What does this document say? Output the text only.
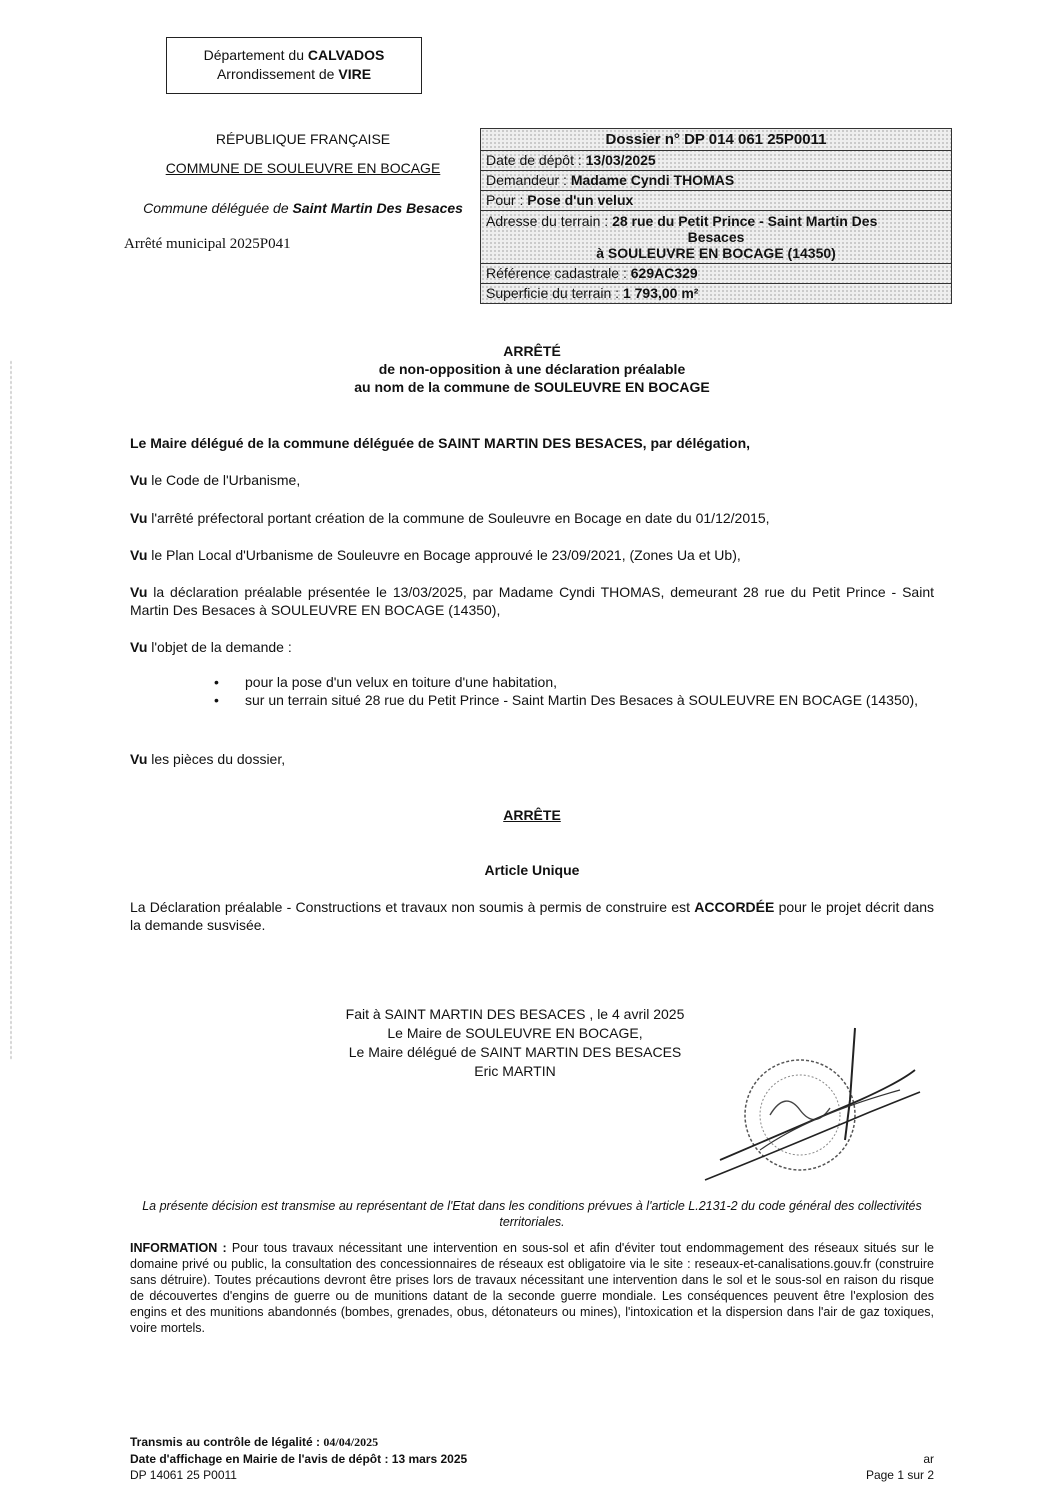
Département du CALVADOS
Arrondissement de VIRE
RÉPUBLIQUE FRANÇAISE
COMMUNE DE SOULEUVRE EN BOCAGE
Commune déléguée de Saint Martin Des Besaces
Arrêté municipal 2025P041
Dossier n° DP 014 061 25P0011
Date de dépôt : 13/03/2025
Demandeur : Madame Cyndi THOMAS
Pour : Pose d'un velux
Adresse du terrain : 28 rue du Petit Prince - Saint Martin Des
Besaces
à SOULEUVRE EN BOCAGE (14350)
Référence cadastrale : 629AC329
Superficie du terrain : 1 793,00 m²
ARRÊTÉ
de non-opposition à une déclaration préalable
au nom de la commune de SOULEUVRE EN BOCAGE
Le Maire délégué de la commune déléguée de SAINT MARTIN DES BESACES, par délégation,
Vu le Code de l'Urbanisme,
Vu l'arrêté préfectoral portant création de la commune de Souleuvre en Bocage en date du 01/12/2015,
Vu le Plan Local d'Urbanisme de Souleuvre en Bocage approuvé le 23/09/2021, (Zones Ua et Ub),
Vu la déclaration préalable présentée le 13/03/2025, par Madame Cyndi THOMAS, demeurant 28 rue du Petit Prince - Saint Martin Des Besaces à SOULEUVRE EN BOCAGE (14350),
Vu l'objet de la demande :
• pour la pose d'un velux en toiture d'une habitation,
• sur un terrain situé 28 rue du Petit Prince - Saint Martin Des Besaces à SOULEUVRE EN BOCAGE (14350),
Vu les pièces du dossier,
ARRÊTE
Article Unique
La Déclaration préalable - Constructions et travaux non soumis à permis de construire est ACCORDÉE pour le projet décrit dans la demande susvisée.
Fait à SAINT MARTIN DES BESACES , le 4 avril 2025
Le Maire de SOULEUVRE EN BOCAGE,
Le Maire délégué de SAINT MARTIN DES BESACES
Eric MARTIN
La présente décision est transmise au représentant de l'Etat dans les conditions prévues à l'article L.2131-2 du code général des collectivités territoriales.
INFORMATION : Pour tous travaux nécessitant une intervention en sous-sol et afin d'éviter tout endommagement des réseaux situés sur le domaine privé ou public, la consultation des concessionnaires de réseaux est obligatoire via le site : reseaux-et-canalisations.gouv.fr (construire sans détruire). Toutes précautions devront être prises lors de travaux nécessitant une intervention dans le sol et le sous-sol en raison du risque de découvertes d'engins de guerre ou de munitions datant de la seconde guerre mondiale. Les conséquences peuvent être l'explosion des engins et des munitions abandonnés (bombes, grenades, obus, détonateurs ou mines), l'intoxication et la dispersion dans l'air de gaz toxiques, voire mortels.
Transmis au contrôle de légalité : 04/04/2025
Date d'affichage en Mairie de l'avis de dépôt : 13 mars 2025
DP 14061 25 P0011
ar
Page 1 sur 2
